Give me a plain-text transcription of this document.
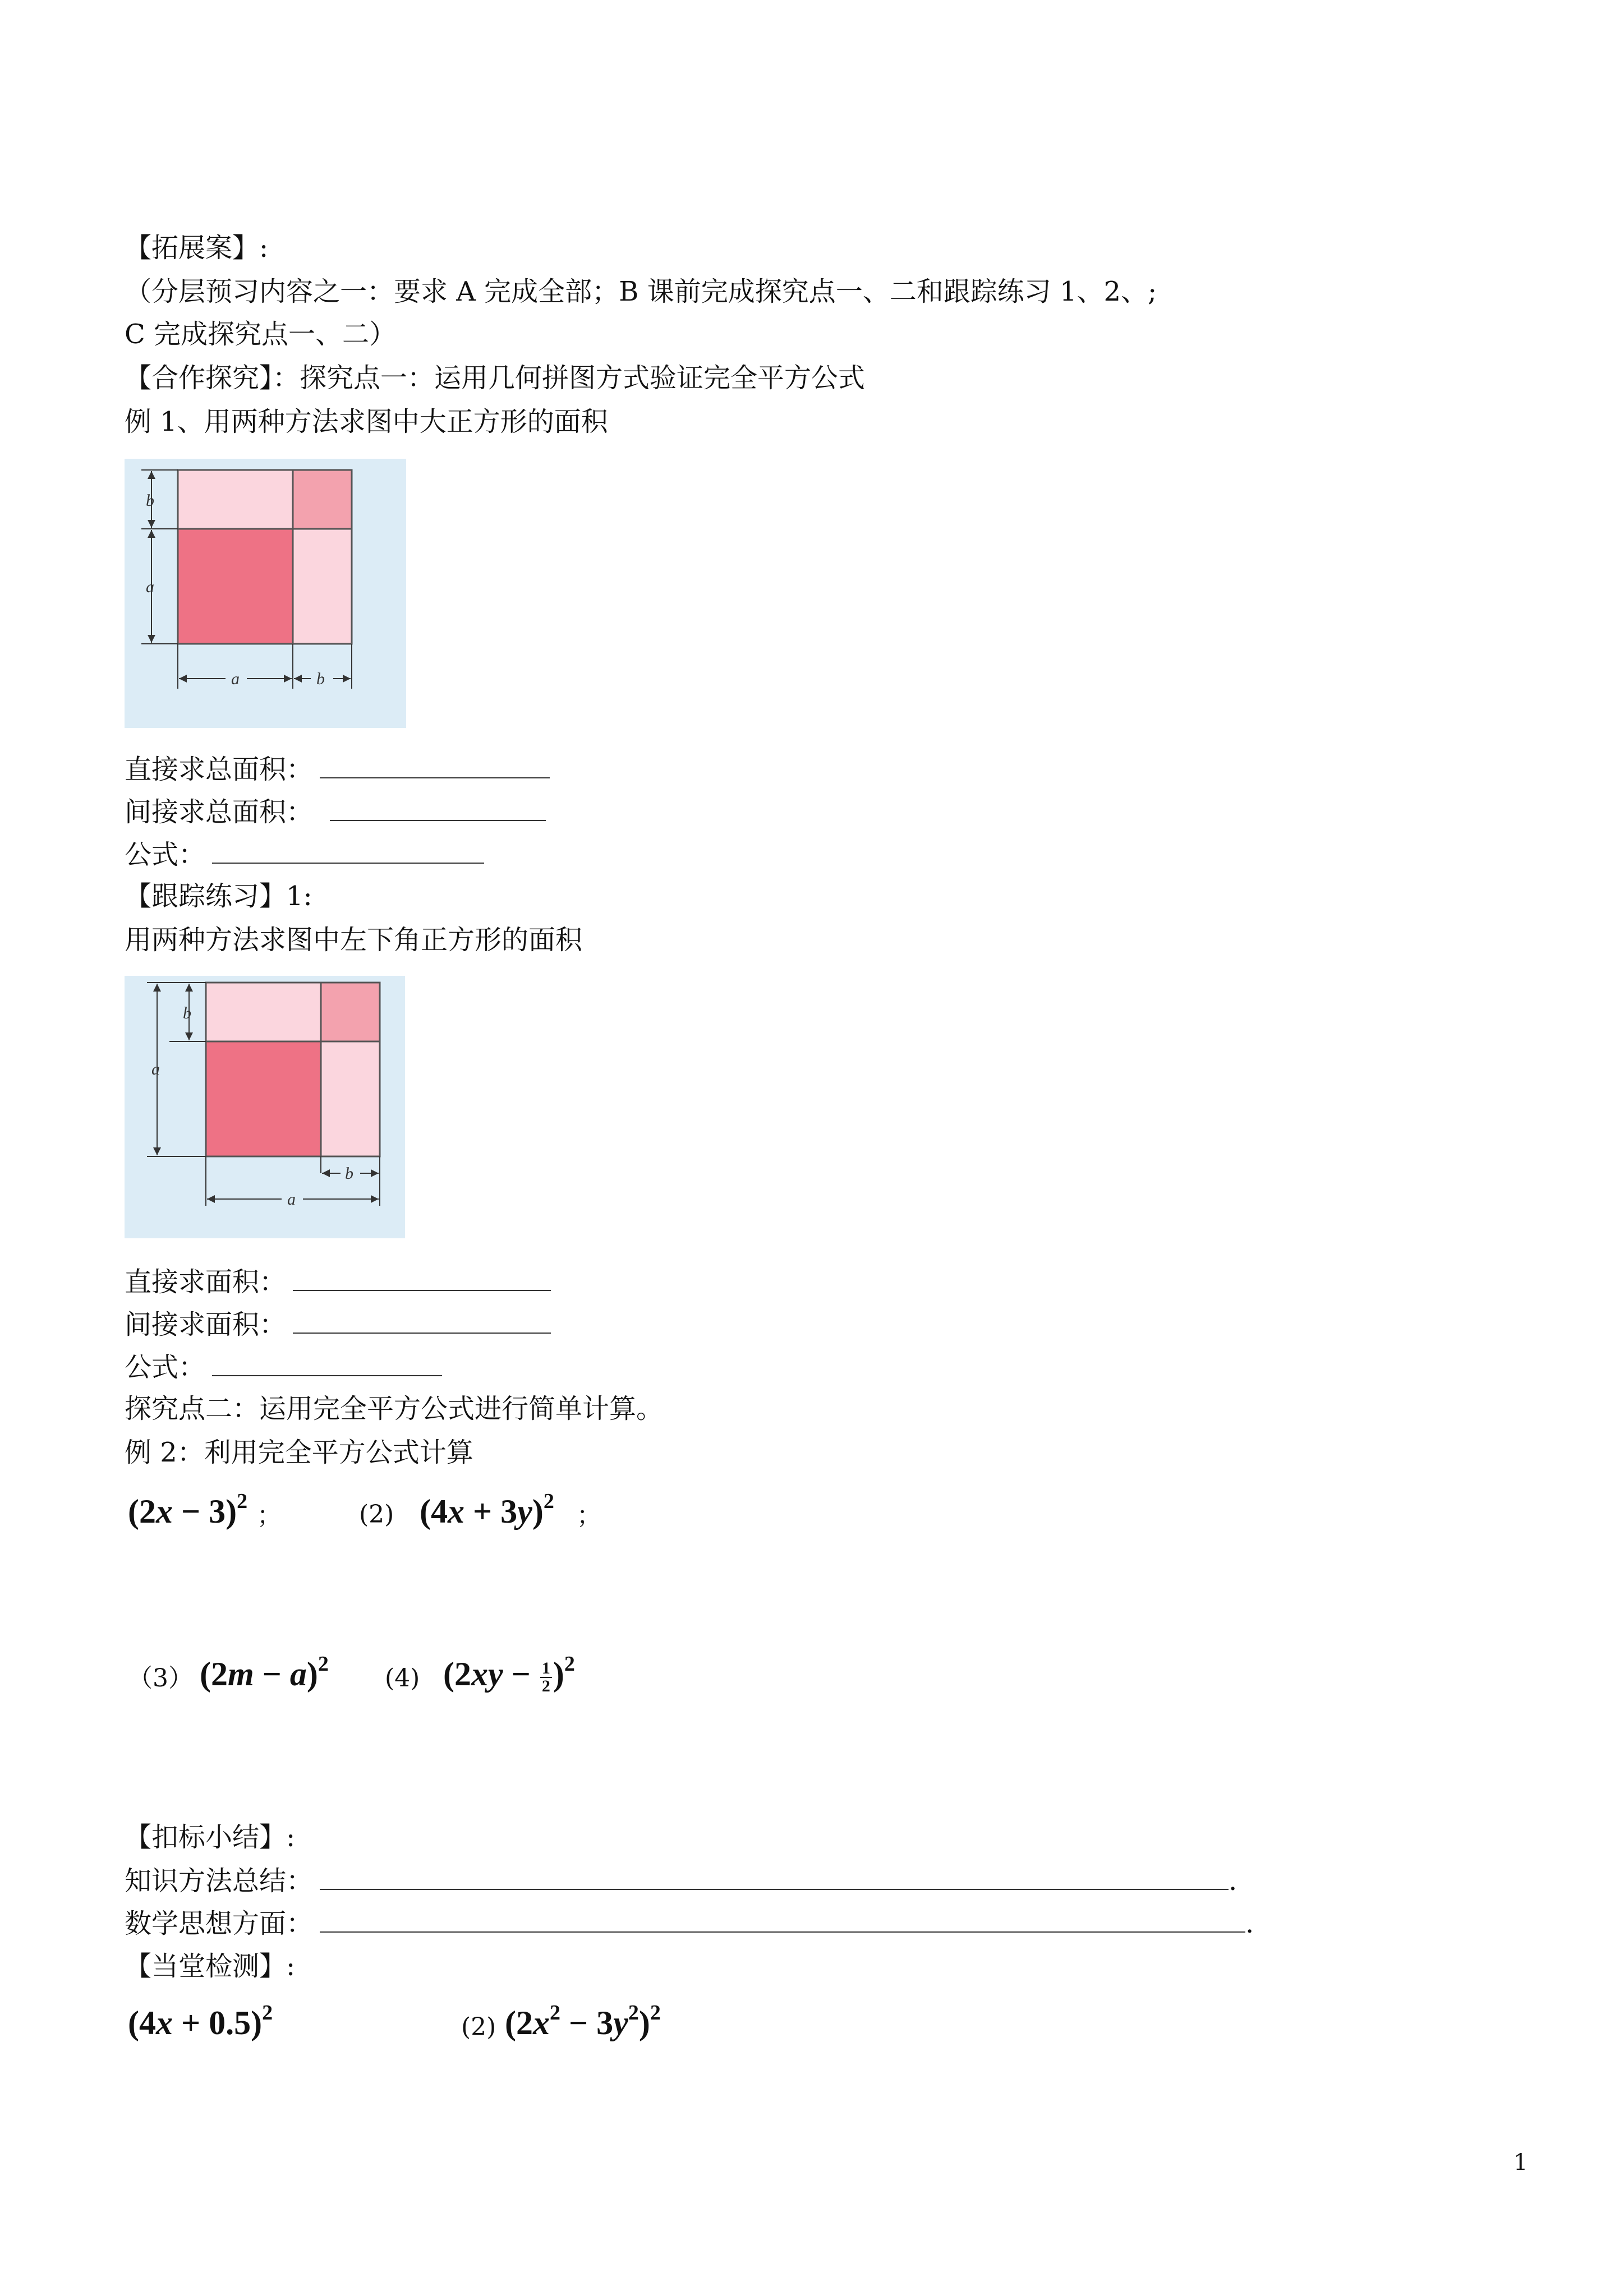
【拓展案】:
（分层预习内容之一：要求 A 完成全部；B 课前完成探究点一、二和跟踪练习 1、2、;
C 完成探究点一、二）
【合作探究】：探究点一：运用几何拼图方式验证完全平方公式
例 1、用两种方法求图中大正方形的面积
b
a
a	b
直接求总面积：
间接求总面积：
公式：
【跟踪练习】1:
用两种方法求图中左下角正方形的面积
a
b
b
a
直接求面积：
间接求面积：
公式：
探究点二：运用完全平方公式进行简单计算。
例 2：利用完全平方公式计算
$(2x - 3)^2$ ；	(2) $(4x + 3y)^2$ ；
（3） $(2m - a)^2$ (4) $(2xy - \frac{1}{2} )^2$
【扣标小结】:
知识方法总结：	.
数学思想方面：	.
【当堂检测】:
$(4x + 0.5)^2$	(2) $(2x^2 - 3y^2)^2$
1
